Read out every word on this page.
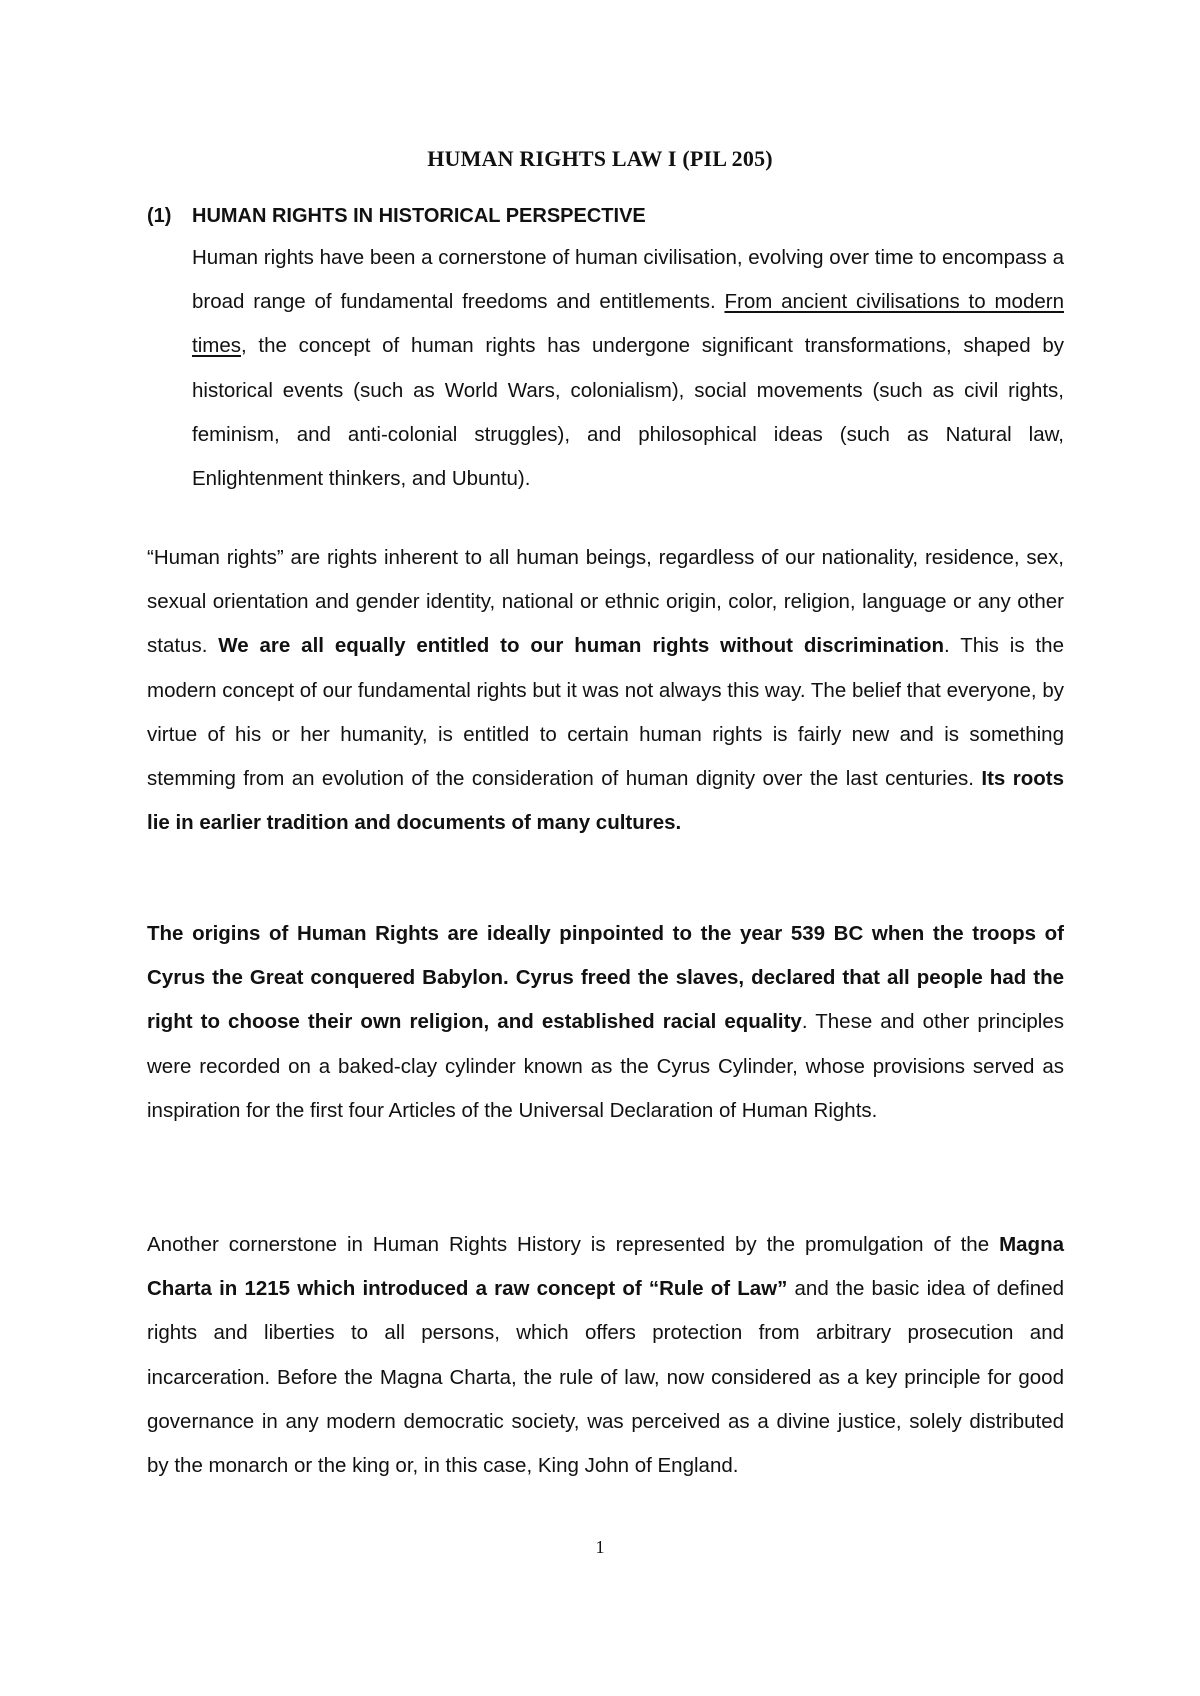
HUMAN RIGHTS LAW I (PIL 205)
(1) HUMAN RIGHTS IN HISTORICAL PERSPECTIVE

Human rights have been a cornerstone of human civilisation, evolving over time to encompass a broad range of fundamental freedoms and entitlements. From ancient civilisations to modern times, the concept of human rights has undergone significant transformations, shaped by historical events (such as World Wars, colonialism), social movements (such as civil rights, feminism, and anti-colonial struggles), and philosophical ideas (such as Natural law, Enlightenment thinkers, and Ubuntu).

“Human rights” are rights inherent to all human beings, regardless of our nationality, residence, sex, sexual orientation and gender identity, national or ethnic origin, color, religion, language or any other status. We are all equally entitled to our human rights without discrimination. This is the modern concept of our fundamental rights but it was not always this way. The belief that everyone, by virtue of his or her humanity, is entitled to certain human rights is fairly new and is something stemming from an evolution of the consideration of human dignity over the last centuries. Its roots lie in earlier tradition and documents of many cultures.

The origins of Human Rights are ideally pinpointed to the year 539 BC when the troops of Cyrus the Great conquered Babylon. Cyrus freed the slaves, declared that all people had the right to choose their own religion, and established racial equality. These and other principles were recorded on a baked-clay cylinder known as the Cyrus Cylinder, whose provisions served as inspiration for the first four Articles of the Universal Declaration of Human Rights.

Another cornerstone in Human Rights History is represented by the promulgation of the Magna Charta in 1215 which introduced a raw concept of “Rule of Law” and the basic idea of defined rights and liberties to all persons, which offers protection from arbitrary prosecution and incarceration. Before the Magna Charta, the rule of law, now considered as a key principle for good governance in any modern democratic society, was perceived as a divine justice, solely distributed by the monarch or the king or, in this case, King John of England.

1
